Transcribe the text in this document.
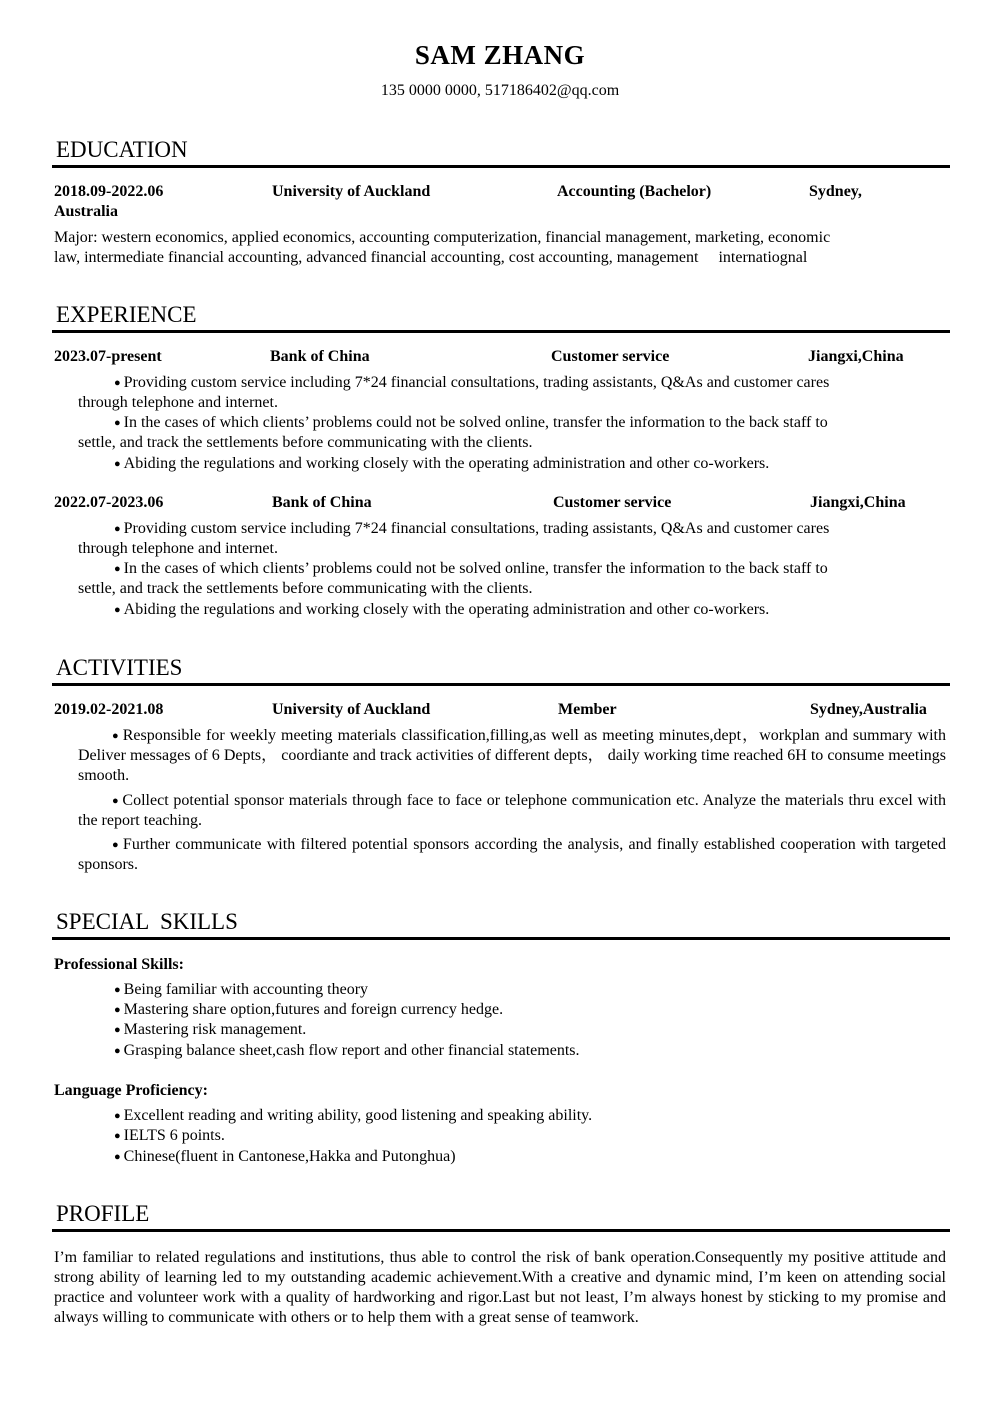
SAM ZHANG
135 0000 0000, 517186402@qq.com
EDUCATION
2018.09-2022.06	University of Auckland	Accounting (Bachelor)	Sydney,
Australia
Major: western economics, applied economics, accounting computerization, financial management, marketing, economic
law, intermediate financial accounting, advanced financial accounting, cost accounting, management     internatiognal
EXPERIENCE
2023.07-present	Bank of China	Customer service	Jiangxi,China
● Providing custom service including 7*24 financial consultations, trading assistants, Q&As and customer cares
through telephone and internet.
● In the cases of which clients’ problems could not be solved online, transfer the information to the back staff to
settle, and track the settlements before communicating with the clients.
● Abiding the regulations and working closely with the operating administration and other co-workers.
2022.07-2023.06	Bank of China	Customer service	Jiangxi,China
● Providing custom service including 7*24 financial consultations, trading assistants, Q&As and customer cares
through telephone and internet.
● In the cases of which clients’ problems could not be solved online, transfer the information to the back staff to
settle, and track the settlements before communicating with the clients.
● Abiding the regulations and working closely with the operating administration and other co-workers.
ACTIVITIES
2019.02-2021.08	University of Auckland	Member	Sydney,Australia

● Responsible for weekly meeting materials classification,filling,as well as meeting minutes,dept，workplan and summary with Deliver messages of 6 Depts， coordiante and track activities of different depts， daily working time reached 6H to consume meetings smooth.

● Collect potential sponsor materials through face to face or telephone communication etc. Analyze the materials thru excel with the report teaching.

● Further communicate with filtered potential sponsors according the analysis, and finally established cooperation with targeted sponsors.

SPECIAL  SKILLS
Professional Skills:
● Being familiar with accounting theory
● Mastering share option,futures and foreign currency hedge.
● Mastering risk management.
● Grasping balance sheet,cash flow report and other financial statements.
Language Proficiency:
● Excellent reading and writing ability, good listening and speaking ability.
● IELTS 6 points.
● Chinese(fluent in Cantonese,Hakka and Putonghua)
PROFILE

I’m familiar to related regulations and institutions, thus able to control the risk of bank operation.Consequently my positive attitude and strong ability of learning led to my outstanding academic achievement.With a creative and dynamic mind, I’m keen on attending social practice and volunteer work with a quality of hardworking and rigor.Last but not least, I’m always honest by sticking to my promise and always willing to communicate with others or to help them with a great sense of teamwork.
